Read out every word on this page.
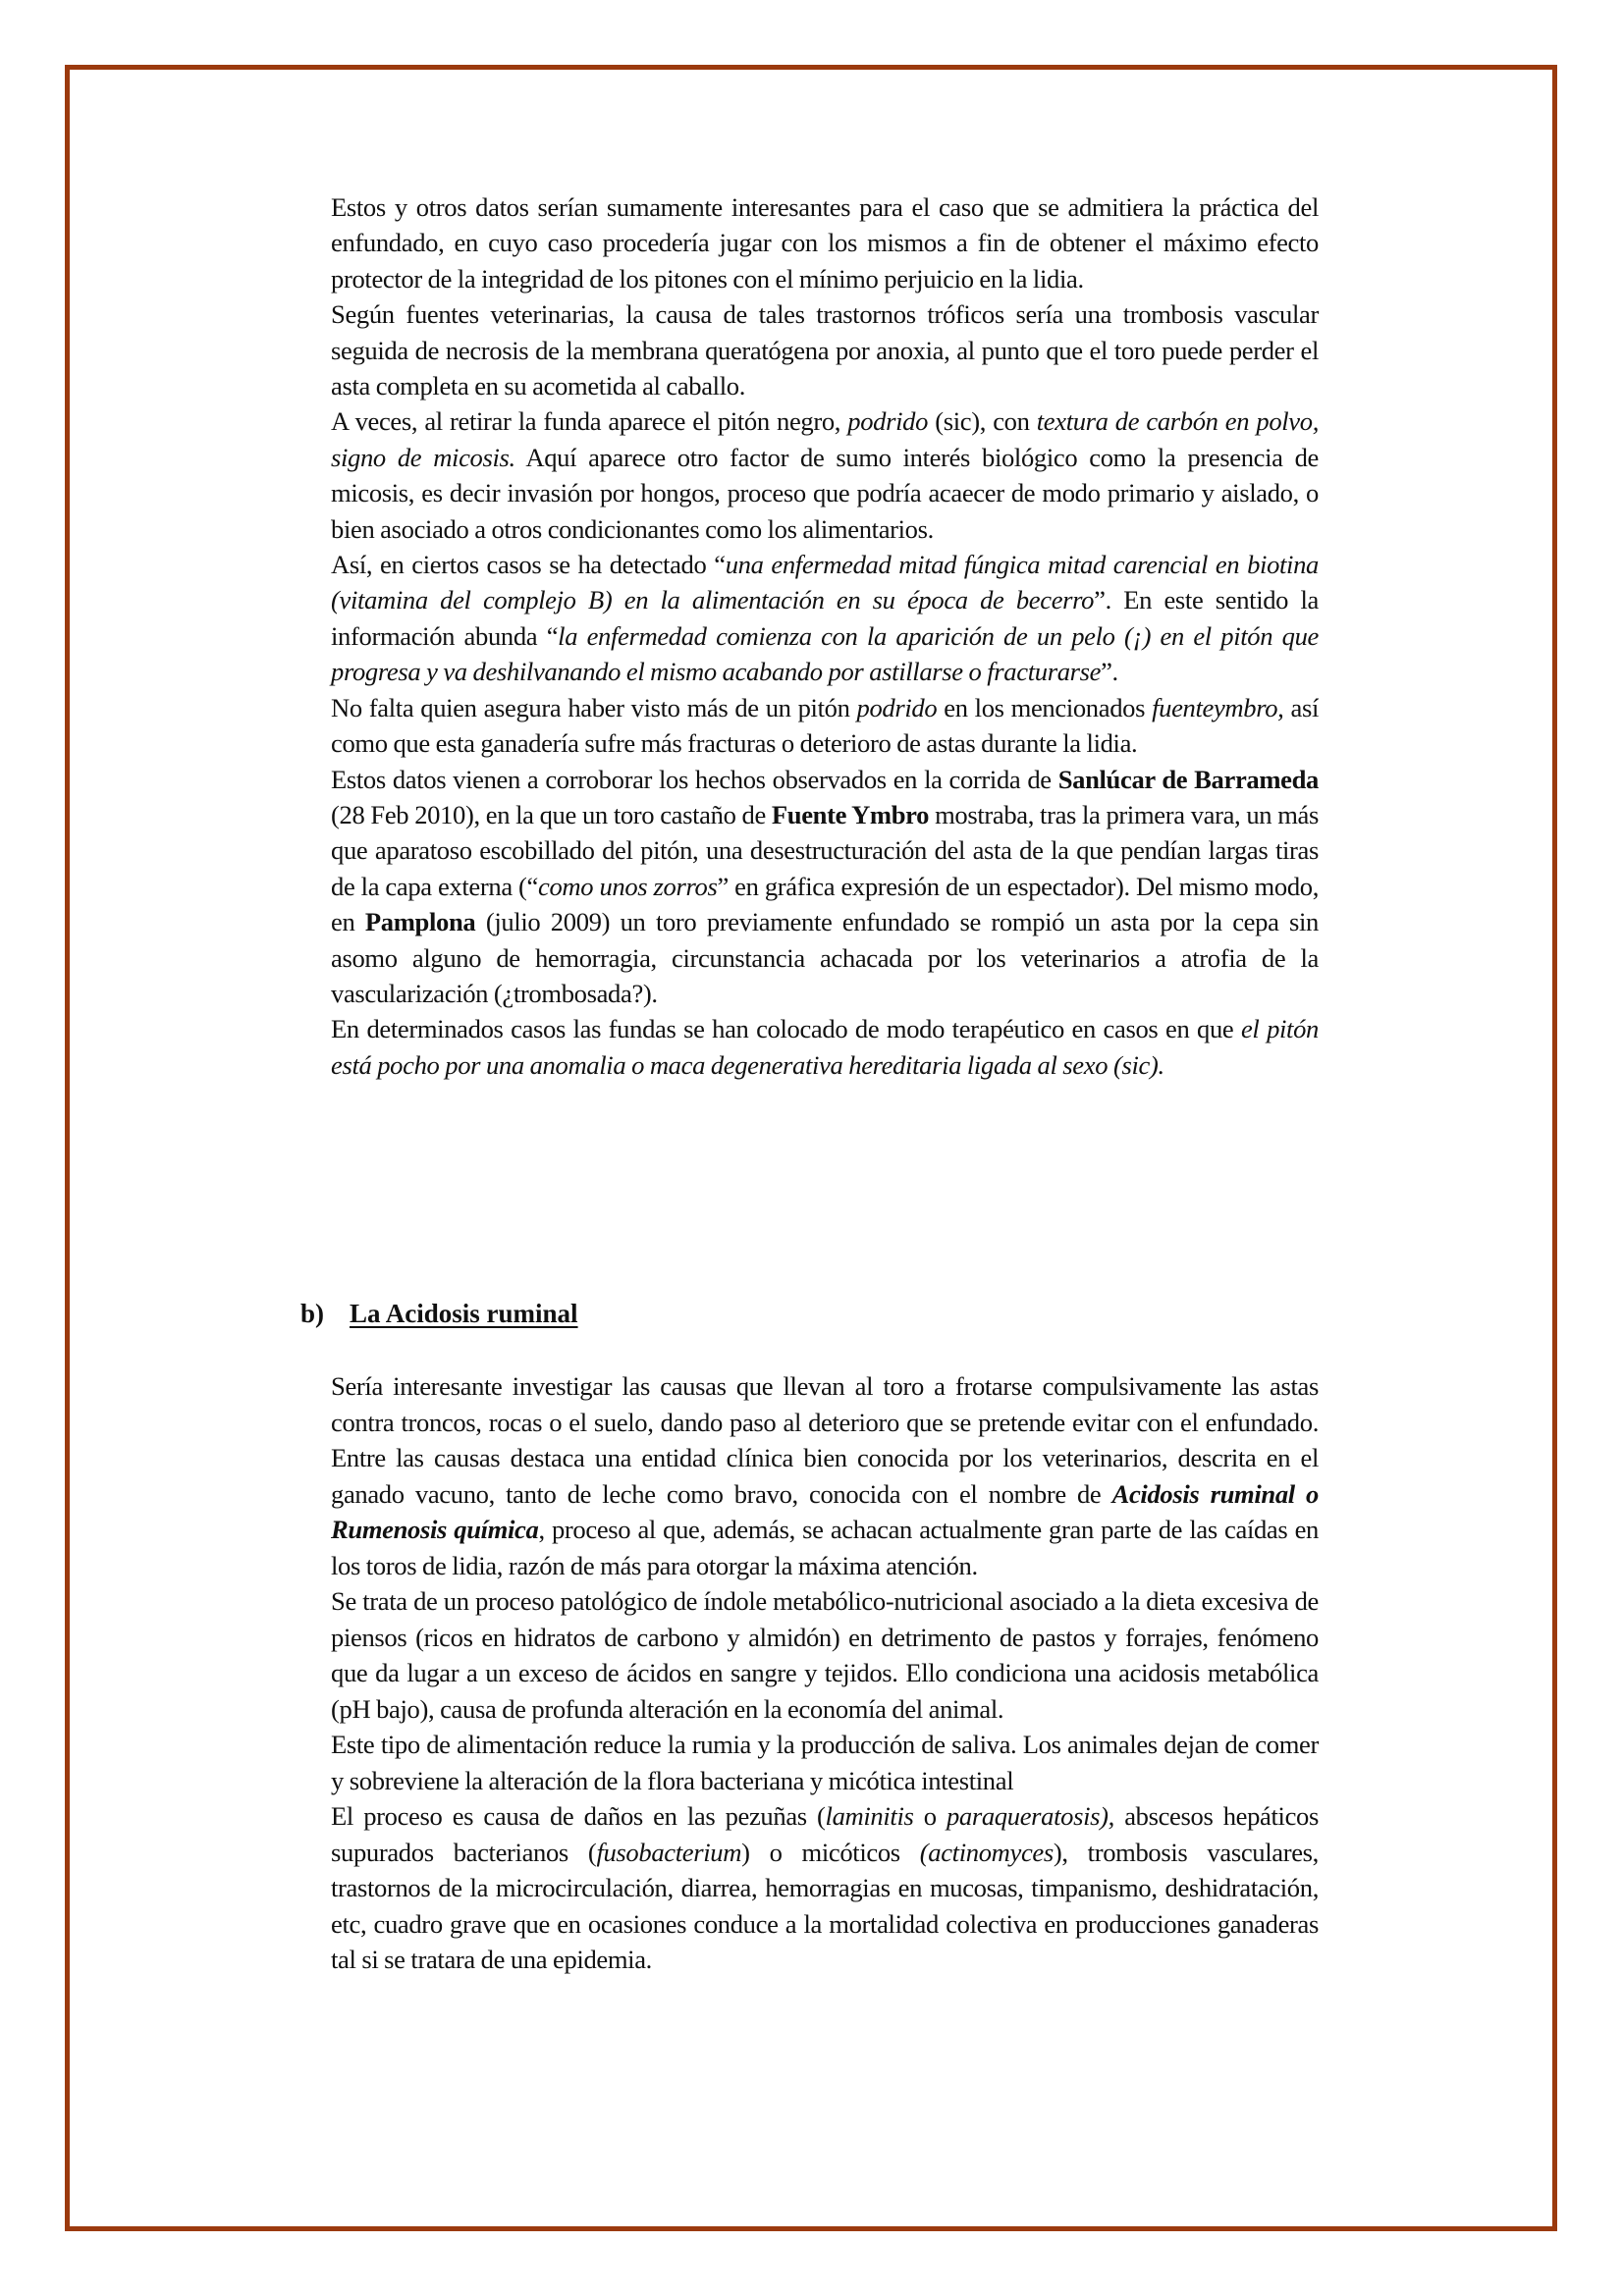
Estos y otros datos serían sumamente interesantes para el caso que se admitiera la práctica del enfundado, en cuyo caso procedería jugar con los mismos a fin de obtener el máximo efecto protector de la integridad de los pitones con el mínimo perjuicio en la lidia.

Según fuentes veterinarias, la causa de tales trastornos tróficos sería una trombosis vascular seguida de necrosis de la membrana queratógena por anoxia, al punto que el toro puede perder el asta completa en su acometida al caballo.

A veces, al retirar la funda aparece el pitón negro, podrido (sic), con textura de carbón en polvo, signo de micosis. Aquí aparece otro factor de sumo interés biológico como la presencia de micosis, es decir invasión por hongos, proceso que podría acaecer de modo primario y aislado, o bien asociado a otros condicionantes como los alimentarios.

Así, en ciertos casos se ha detectado “una enfermedad mitad fúngica mitad carencial en biotina (vitamina del complejo B) en la alimentación en su época de becerro”. En este sentido la información abunda “la enfermedad comienza con la aparición de un pelo (¡) en el pitón que progresa y va deshilvanando el mismo acabando por astillarse o fracturarse”.

No falta quien asegura haber visto más de un pitón podrido en los mencionados fuenteymbro, así como que esta ganadería sufre más fracturas o deterioro de astas durante la lidia.

Estos datos vienen a corroborar los hechos observados en la corrida de Sanlúcar de Barrameda (28 Feb 2010), en la que un toro castaño de Fuente Ymbro mostraba, tras la primera vara, un más que aparatoso escobillado del pitón, una desestructuración del asta de la que pendían largas tiras de la capa externa (“como unos zorros” en gráfica expresión de un espectador). Del mismo modo, en Pamplona (julio 2009) un toro previamente enfundado se rompió un asta por la cepa sin asomo alguno de hemorragia, circunstancia achacada por los veterinarios a atrofia de la vascularización (¿trombosada?).

En determinados casos las fundas se han colocado de modo terapéutico en casos en que el pitón está pocho por una anomalia o maca degenerativa hereditaria ligada al sexo (sic).

b) La Acidosis ruminal

Sería interesante investigar las causas que llevan al toro a frotarse compulsivamente las astas contra troncos, rocas o el suelo, dando paso al deterioro que se pretende evitar con el enfundado. Entre las causas destaca una entidad clínica bien conocida por los veterinarios, descrita en el ganado vacuno, tanto de leche como bravo, conocida con el nombre de Acidosis ruminal o Rumenosis química, proceso al que, además, se achacan actualmente gran parte de las caídas en los toros de lidia, razón de más para otorgar la máxima atención.

Se trata de un proceso patológico de índole metabólico-nutricional asociado a la dieta excesiva de piensos (ricos en hidratos de carbono y almidón) en detrimento de pastos y forrajes, fenómeno que da lugar a un exceso de ácidos en sangre y tejidos. Ello condiciona una acidosis metabólica (pH bajo), causa de profunda alteración en la economía del animal.

Este tipo de alimentación reduce la rumia y la producción de saliva. Los animales dejan de comer y sobreviene la alteración de la flora bacteriana y micótica intestinal

El proceso es causa de daños en las pezuñas (laminitis o paraqueratosis), abscesos hepáticos supurados bacterianos (fusobacterium) o micóticos (actinomyces), trombosis vasculares, trastornos de la microcirculación, diarrea, hemorragias en mucosas, timpanismo, deshidratación, etc, cuadro grave que en ocasiones conduce a la mortalidad colectiva en producciones ganaderas tal si se tratara de una epidemia.
